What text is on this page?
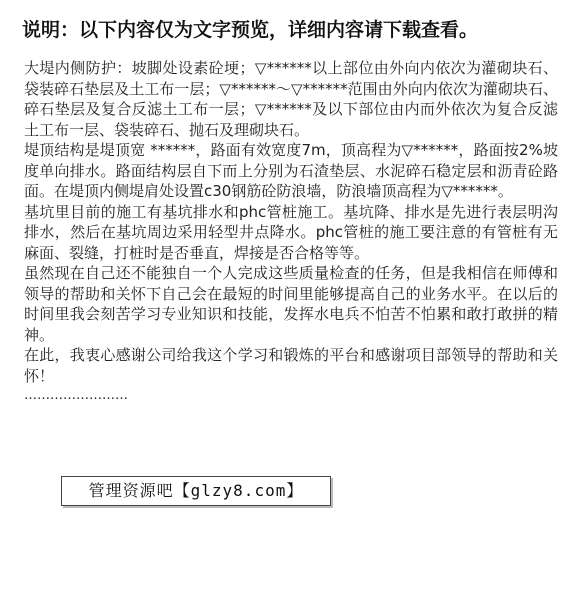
说明：以下内容仅为文字预览，详细内容请下载查看。

大堤内侧防护：坡脚处设素砼埂；▽******以上部位由外向内依次为灌砌块石、袋装碎石垫层及土工布一层；▽******～▽******范围由外向内依次为灌砌块石、碎石垫层及复合反滤土工布一层；▽******及以下部位由内而外依次为复合反滤土工布一层、袋装碎石、抛石及理砌块石。

堤顶结构是堤顶宽 ******，路面有效宽度7m，顶高程为▽******，路面按2%坡度单向排水。路面结构层自下而上分别为石渣垫层、水泥碎石稳定层和沥青砼路面。在堤顶内侧堤肩处设置c30钢筋砼防浪墙，防浪墙顶高程为▽******。

基坑里目前的施工有基坑排水和phc管桩施工。基坑降、排水是先进行表层明沟排水，然后在基坑周边采用轻型井点降水。phc管桩的施工要注意的有管桩有无麻面、裂缝，打桩时是否垂直，焊接是否合格等等。

虽然现在自己还不能独自一个人完成这些质量检查的任务，但是我相信在师傅和领导的帮助和关怀下自己会在最短的时间里能够提高自己的业务水平。在以后的时间里我会刻苦学习专业知识和技能，发挥水电兵不怕苦不怕累和敢打敢拼的精神。

在此，我衷心感谢公司给我这个学习和锻炼的平台和感谢项目部领导的帮助和关怀！

……………………
管理资源吧【glzy8.com】
